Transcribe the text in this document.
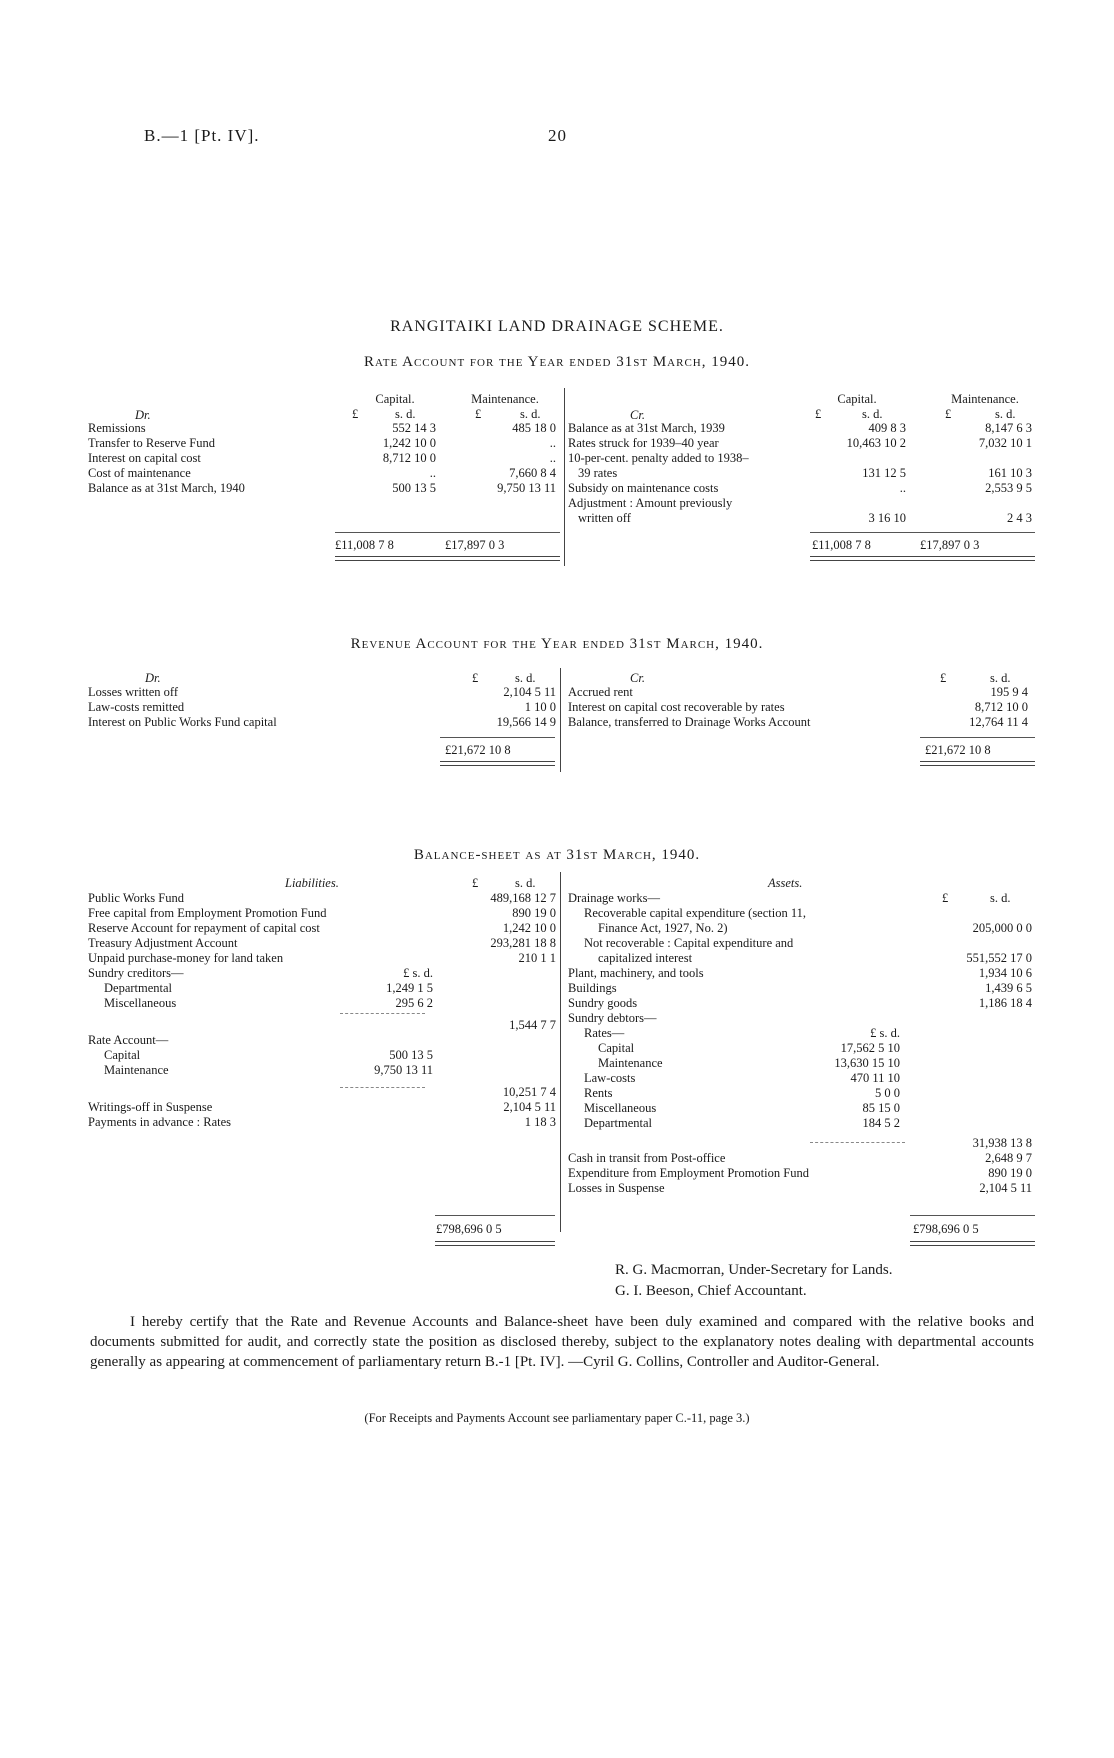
B.—1 [Pt. IV].	20
RANGITAIKI LAND DRAINAGE SCHEME.
Rate Account for the Year ended 31st March, 1940.
Dr.
Capital.	Maintenance.
£	s. d.	£	s. d.
Remissions	552 14 3	485 18 0
Transfer to Reserve Fund	1,242 10 0	..
Interest on capital cost	8,712 10 0	..
Cost of maintenance	..	7,660 8 4
Balance as at 31st March, 1940	500 13 5	9,750 13 11
Cr.
Capital.	Maintenance.
£	s. d.	£	s. d.
Balance as at 31st March, 1939	409 8 3	8,147 6 3
Rates struck for 1939–40 year	10,463 10 2	7,032 10 1
10-per-cent. penalty added to 1938–
39 rates	131 12 5	161 10 3
Subsidy on maintenance costs	..	2,553 9 5
Adjustment : Amount previously
written off	3 16 10	2 4 3
£11,008 7 8	£17,897 0 3	£11,008 7 8	£17,897 0 3
Revenue Account for the Year ended 31st March, 1940.
Dr.	£	s. d.
Losses written off	2,104 5 11
Law-costs remitted	1 10 0
Interest on Public Works Fund capital	19,566 14 9
Cr.	£	s. d.
Accrued rent	195 9 4
Interest on capital cost recoverable by rates	8,712 10 0
Balance, transferred to Drainage Works Account	12,764 11 4
£21,672 10 8	£21,672 10 8
Balance-sheet as at 31st March, 1940.
Liabilities.	£	s. d.
Public Works Fund	489,168 12 7
Free capital from Employment Promotion Fund	890 19 0
Reserve Account for repayment of capital cost	1,242 10 0
Treasury Adjustment Account	293,281 18 8
Unpaid purchase-money for land taken	210 1 1
Sundry creditors—	£ s. d.
Departmental	1,249 1 5
Miscellaneous	295 6 2
1,544 7 7
Rate Account—
Capital	500 13 5
Maintenance	9,750 13 11
10,251 7 4
Writings-off in Suspense	2,104 5 11
Payments in advance : Rates	1 18 3
Assets.
£	s. d.
Drainage works—
Recoverable capital expenditure (section 11,
Finance Act, 1927, No. 2)	205,000 0 0
Not recoverable : Capital expenditure and
capitalized interest	551,552 17 0
Plant, machinery, and tools	1,934 10 6
Buildings	1,439 6 5
Sundry goods	1,186 18 4
Sundry debtors—
Rates—	£ s. d.
Capital	17,562 5 10
Maintenance	13,630 15 10
Law-costs	470 11 10
Rents	5 0 0
Miscellaneous	85 15 0
Departmental	184 5 2
31,938 13 8
Cash in transit from Post-office	2,648 9 7
Expenditure from Employment Promotion Fund	890 19 0
Losses in Suspense	2,104 5 11
£798,696 0 5	£798,696 0 5
R. G. Macmorran, Under-Secretary for Lands.
G. I. Beeson, Chief Accountant.
I hereby certify that the Rate and Revenue Accounts and Balance-sheet have been duly examined and compared with the relative books and documents submitted for audit, and correctly state the position as disclosed thereby, subject to the explanatory notes dealing with departmental accounts generally as appearing at commencement of parliamentary return B.-1 [Pt. IV]. —Cyril G. Collins, Controller and Auditor-General.
(For Receipts and Payments Account see parliamentary paper C.-11, page 3.)
